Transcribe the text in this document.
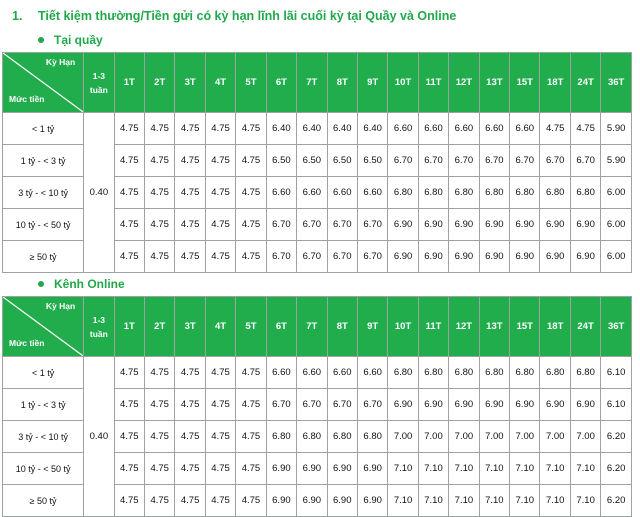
1.	Tiết kiệm thường/Tiền gửi có kỳ hạn lĩnh lãi cuối kỳ tại Quầy và Online
Tại quầy
Kỳ Hạn
Mức tiền	1-3 tuần	1T	2T	3T	4T	5T	6T	7T	8T	9T	10T	11T	12T	13T	15T	18T	24T	36T
< 1 tỷ	0.40	4.75	4.75	4.75	4.75	4.75	6.40	6.40	6.40	6.40	6.60	6.60	6.60	6.60	6.60	4.75	4.75	5.90
1 tỷ - < 3 tỷ		4.75	4.75	4.75	4.75	4.75	6.50	6.50	6.50	6.50	6.70	6.70	6.70	6.70	6.70	6.70	6.70	5.90
3 tỷ - < 10 tỷ		4.75	4.75	4.75	4.75	4.75	6.60	6.60	6.60	6.60	6.80	6.80	6.80	6.80	6.80	6.80	6.80	6.00
10 tỷ - < 50 tỷ		4.75	4.75	4.75	4.75	4.75	6.70	6.70	6.70	6.70	6.90	6.90	6.90	6.90	6.90	6.90	6.90	6.00
≥ 50 tỷ		4.75	4.75	4.75	4.75	4.75	6.70	6.70	6.70	6.70	6.90	6.90	6.90	6.90	6.90	6.90	6.90	6.00
Kênh Online
Kỳ Hạn
Mức tiền	1-3 tuần	1T	2T	3T	4T	5T	6T	7T	8T	9T	10T	11T	12T	13T	15T	18T	24T	36T
< 1 tỷ	0.40	4.75	4.75	4.75	4.75	4.75	6.60	6.60	6.60	6.60	6.80	6.80	6.80	6.80	6.80	6.80	6.80	6.10
1 tỷ - < 3 tỷ		4.75	4.75	4.75	4.75	4.75	6.70	6.70	6.70	6.70	6.90	6.90	6.90	6.90	6.90	6.90	6.90	6.10
3 tỷ - < 10 tỷ		4.75	4.75	4.75	4.75	4.75	6.80	6.80	6.80	6.80	7.00	7.00	7.00	7.00	7.00	7.00	7.00	6.20
10 tỷ - < 50 tỷ		4.75	4.75	4.75	4.75	4.75	6.90	6.90	6.90	6.90	7.10	7.10	7.10	7.10	7.10	7.10	7.10	6.20
≥ 50 tỷ		4.75	4.75	4.75	4.75	4.75	6.90	6.90	6.90	6.90	7.10	7.10	7.10	7.10	7.10	7.10	7.10	6.20
